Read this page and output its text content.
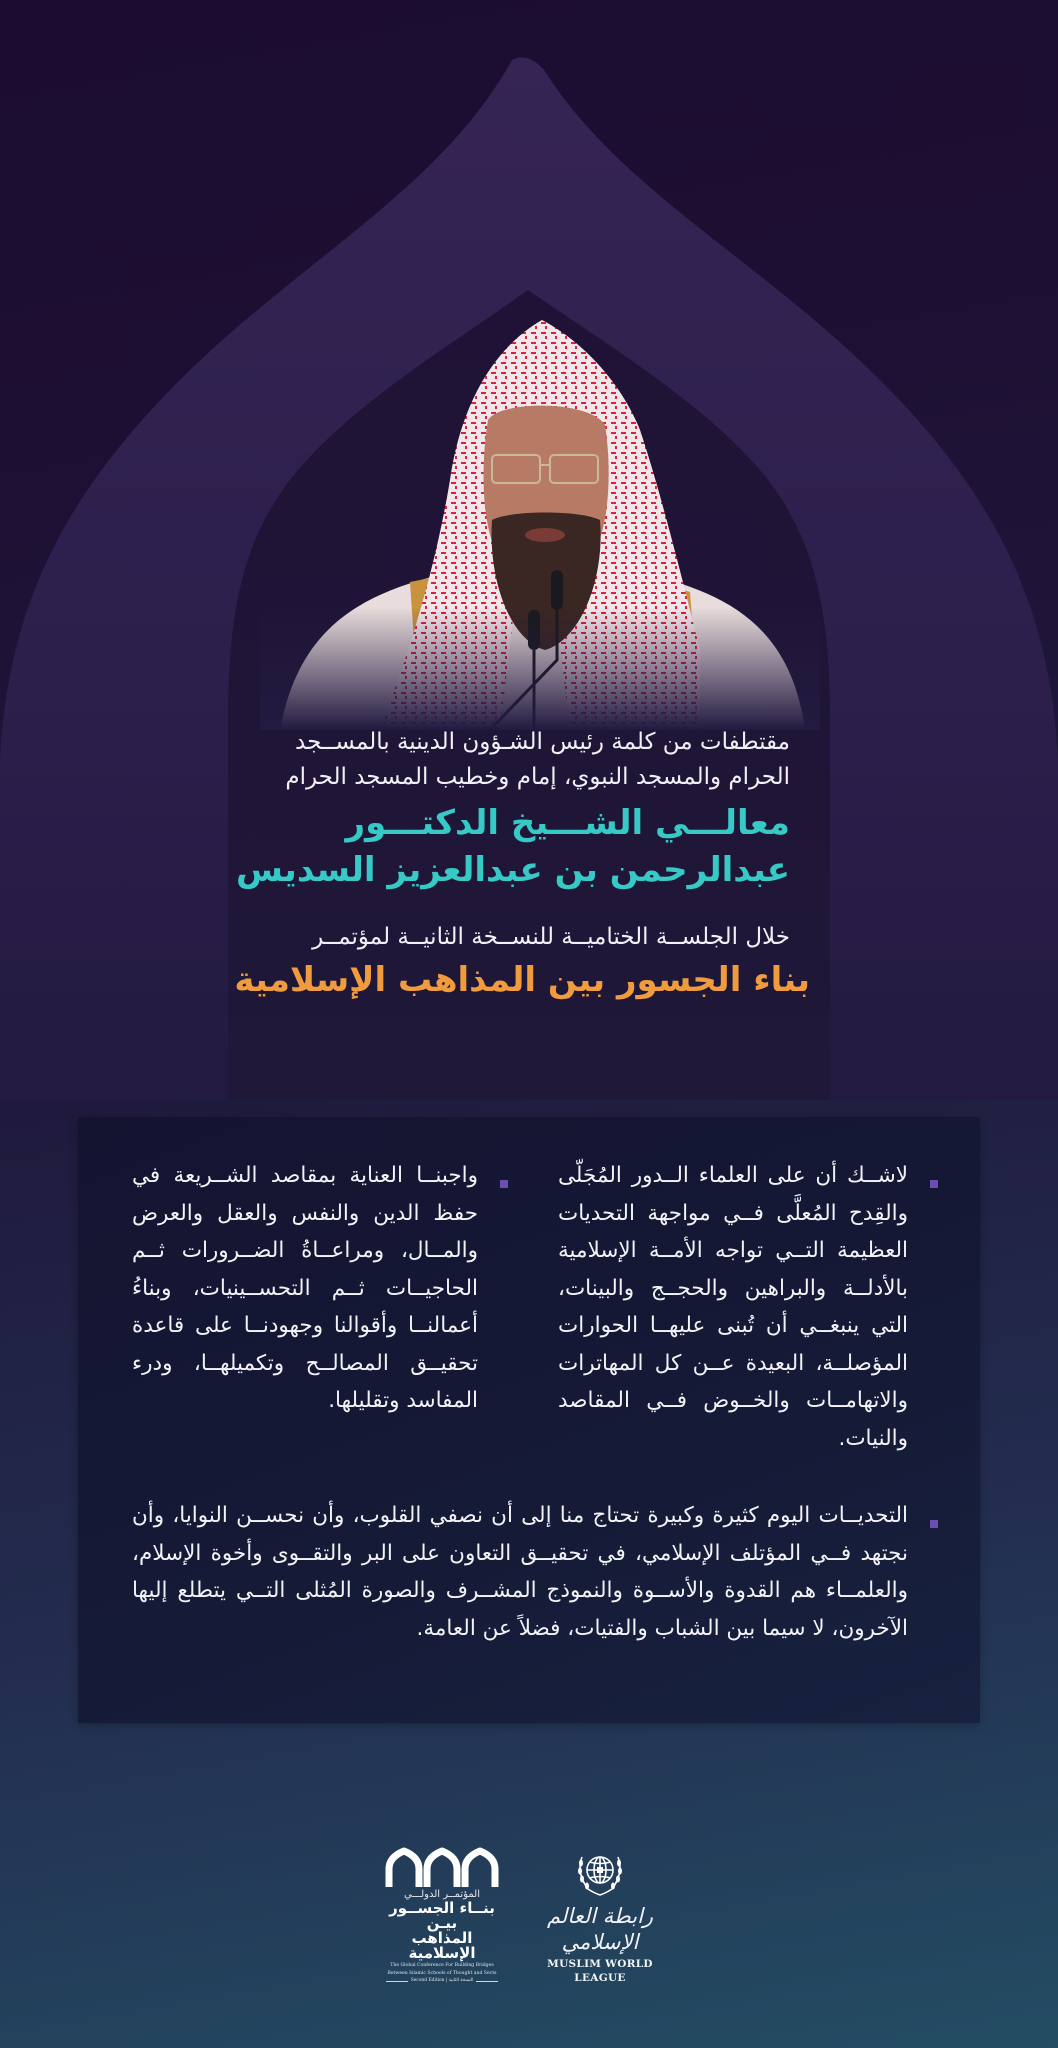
مقتطفات من كلمة رئيس الشـؤون الدينية بالمســجد
الحرام والمسجد النبوي، إمام وخطيب المسجد الحرام
معالـــي الشـــيخ الدكتـــور
عبدالرحمن بن عبدالعزيز السديس
خلال الجلســة الختاميــة للنســخة الثانيــة لمؤتمــر
بناء الجسور بين المذاهب الإسلامية
لاشــك أن على العلماء الــدور المُجَلّى والقِدح المُعلَّى فــي مواجهة التحديات العظيمة التــي تواجه الأمــة الإسلامية بالأدلــة والبراهين والحجــج والبينات، التي ينبغــي أن تُبنى عليهــا الحوارات المؤصلــة، البعيدة عــن كل المهاترات والاتهامــات والخــوض فــي المقاصد والنيات.
واجبنــا العناية بمقاصد الشــريعة في حفظ الدين والنفس والعقل والعرض والمــال، ومراعــاةُ الضــرورات ثــم الحاجيــات ثــم التحســينيات، وبناءُ أعمالنــا وأقوالنا وجهودنــا على قاعدة تحقيــق المصالــح وتكميلهــا، ودرء المفاسد وتقليلها.
التحديــات اليوم كثيرة وكبيرة تحتاج منا إلى أن نصفي القلوب، وأن نحســن النوايا، وأن نجتهد فــي المؤتلف الإسلامي، في تحقيــق التعاون على البر والتقــوى وأخوة الإسلام، والعلمــاء هم القدوة والأســوة والنموذج المشــرف والصورة المُثلى التــي يتطلع إليها الآخرون، لا سيما بين الشباب والفتيات، فضلاً عن العامة.
المؤتمــر الدولـــي
بنــاء الجســور بيـن
المذاهب الإسلامية
The Global Conference For Building Bridges
Between Islamic Schools of Thought and Sects
Second Edition | النسخة الثانية
رابطة العالم الإسلامي
MUSLIM WORLD LEAGUE
